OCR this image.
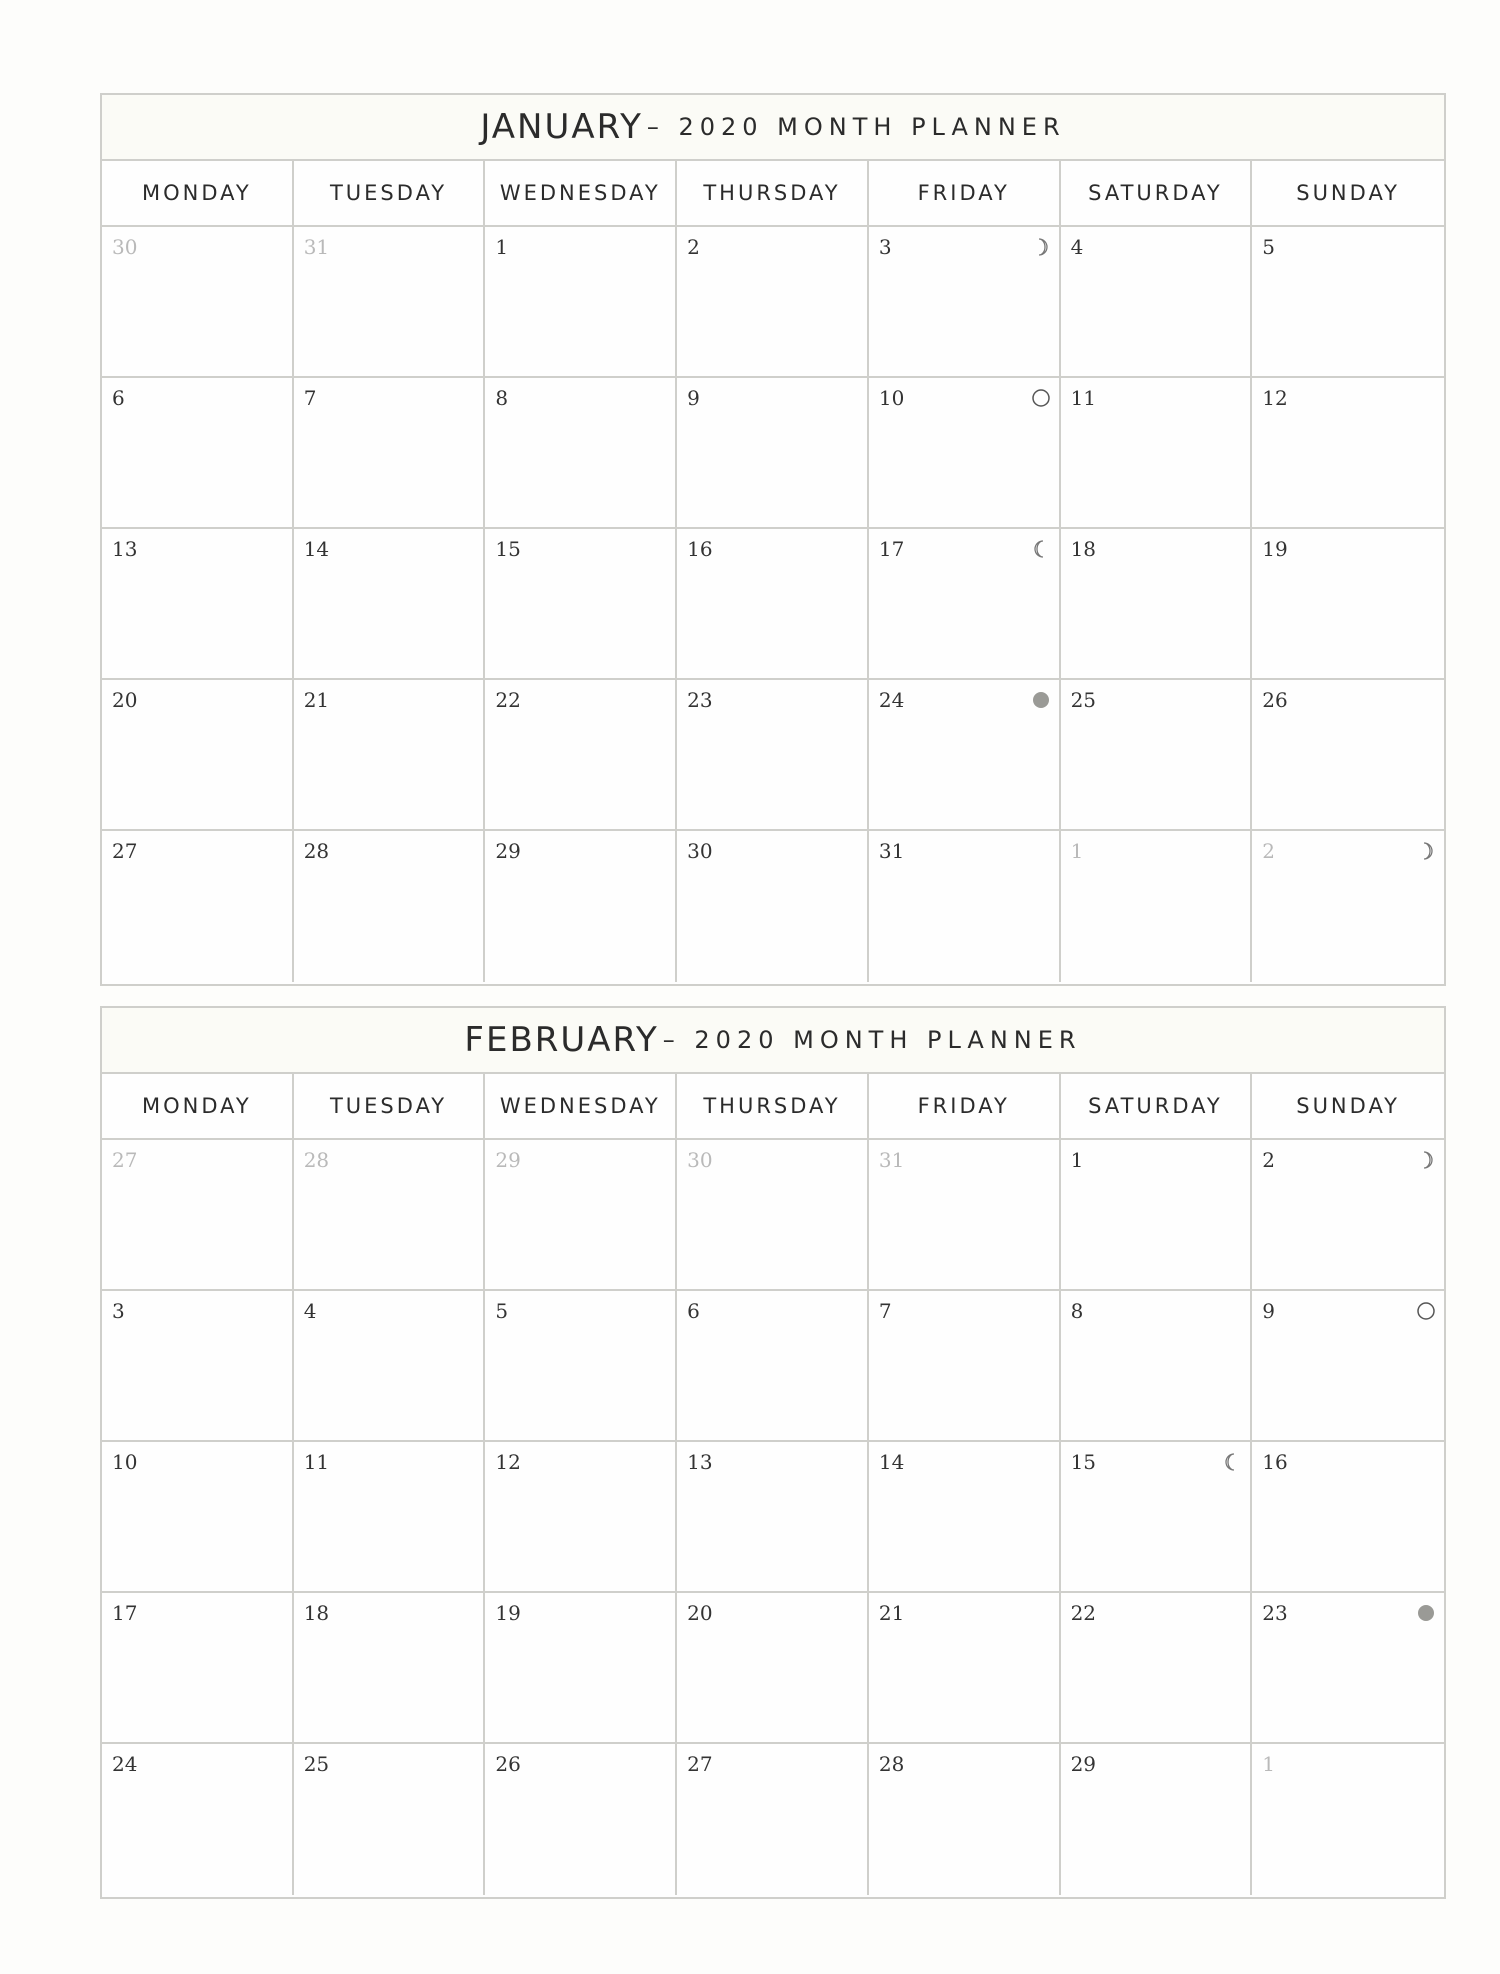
JANUARY – 2020 MONTH PLANNER
MONDAY	TUESDAY	WEDNESDAY	THURSDAY	FRIDAY	SATURDAY	SUNDAY
30	31	1	2	3	4	5
6	7	8	9	10	11	12
13	14	15	16	17	18	19
20	21	22	23	24	25	26
27	28	29	30	31	1	2
FEBRUARY – 2020 MONTH PLANNER
MONDAY	TUESDAY	WEDNESDAY	THURSDAY	FRIDAY	SATURDAY	SUNDAY
27	28	29	30	31	1	2
3	4	5	6	7	8	9
10	11	12	13	14	15	16
17	18	19	20	21	22	23
24	25	26	27	28	29	1
